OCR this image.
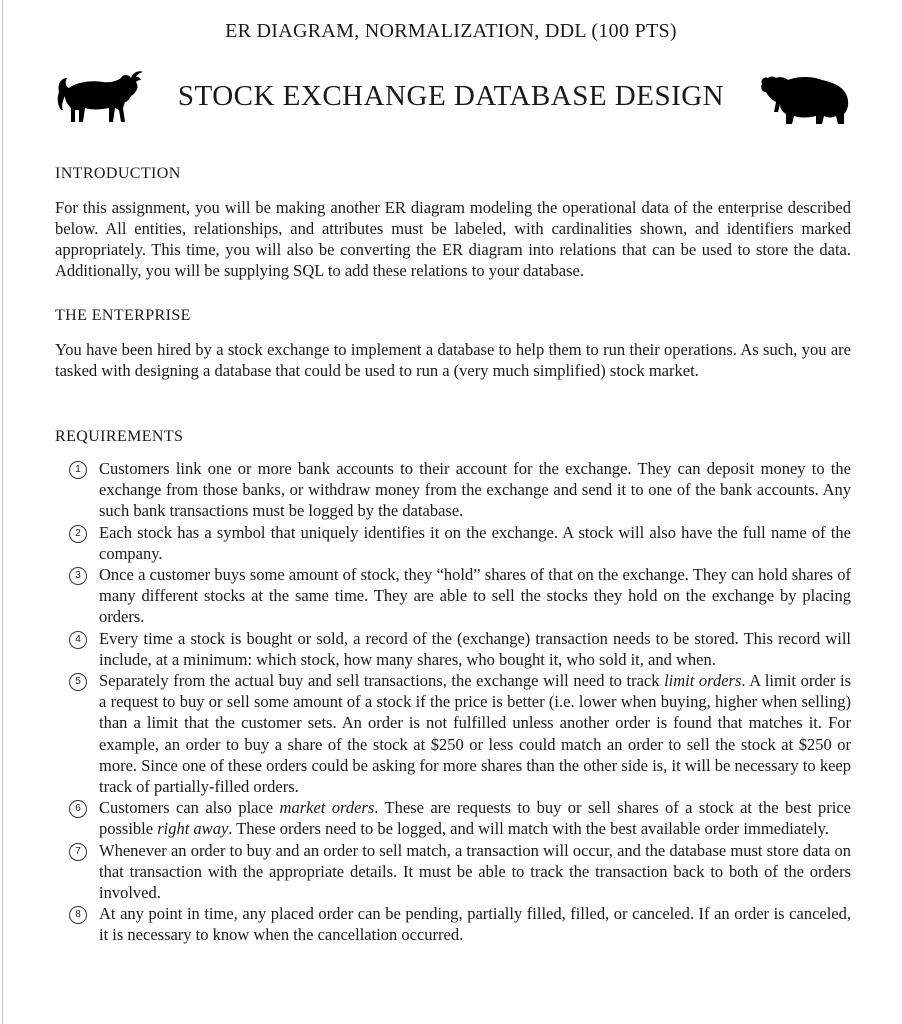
ER DIAGRAM, NORMALIZATION, DDL (100 PTS)
STOCK EXCHANGE DATABASE DESIGN
INTRODUCTION
For this assignment, you will be making another ER diagram modeling the operational data of the enterprise described below. All entities, relationships, and attributes must be labeled, with cardinalities shown, and identifiers marked appropriately. This time, you will also be converting the ER diagram into relations that can be used to store the data. Additionally, you will be supplying SQL to add these relations to your database.
THE ENTERPRISE
You have been hired by a stock exchange to implement a database to help them to run their operations. As such, you are tasked with designing a database that could be used to run a (very much simplified) stock market.
REQUIREMENTS
1	Customers link one or more bank accounts to their account for the exchange. They can deposit money to the exchange from those banks, or withdraw money from the exchange and send it to one of the bank accounts. Any such bank transactions must be logged by the database.
2	Each stock has a symbol that uniquely identifies it on the exchange. A stock will also have the full name of the company.
3	Once a customer buys some amount of stock, they “hold” shares of that on the exchange. They can hold shares of many different stocks at the same time. They are able to sell the stocks they hold on the exchange by placing orders.
4	Every time a stock is bought or sold, a record of the (exchange) transaction needs to be stored. This record will include, at a minimum: which stock, how many shares, who bought it, who sold it, and when.
5	Separately from the actual buy and sell transactions, the exchange will need to track limit orders. A limit order is a request to buy or sell some amount of a stock if the price is better (i.e. lower when buying, higher when selling) than a limit that the customer sets. An order is not fulfilled unless another order is found that matches it. For example, an order to buy a share of the stock at $250 or less could match an order to sell the stock at $250 or more. Since one of these orders could be asking for more shares than the other side is, it will be necessary to keep track of partially-filled orders.
6	Customers can also place market orders. These are requests to buy or sell shares of a stock at the best price possible right away. These orders need to be logged, and will match with the best available order immediately.
7	Whenever an order to buy and an order to sell match, a transaction will occur, and the database must store data on that transaction with the appropriate details. It must be able to track the transaction back to both of the orders involved.
8	At any point in time, any placed order can be pending, partially filled, filled, or canceled. If an order is canceled, it is necessary to know when the cancellation occurred.
